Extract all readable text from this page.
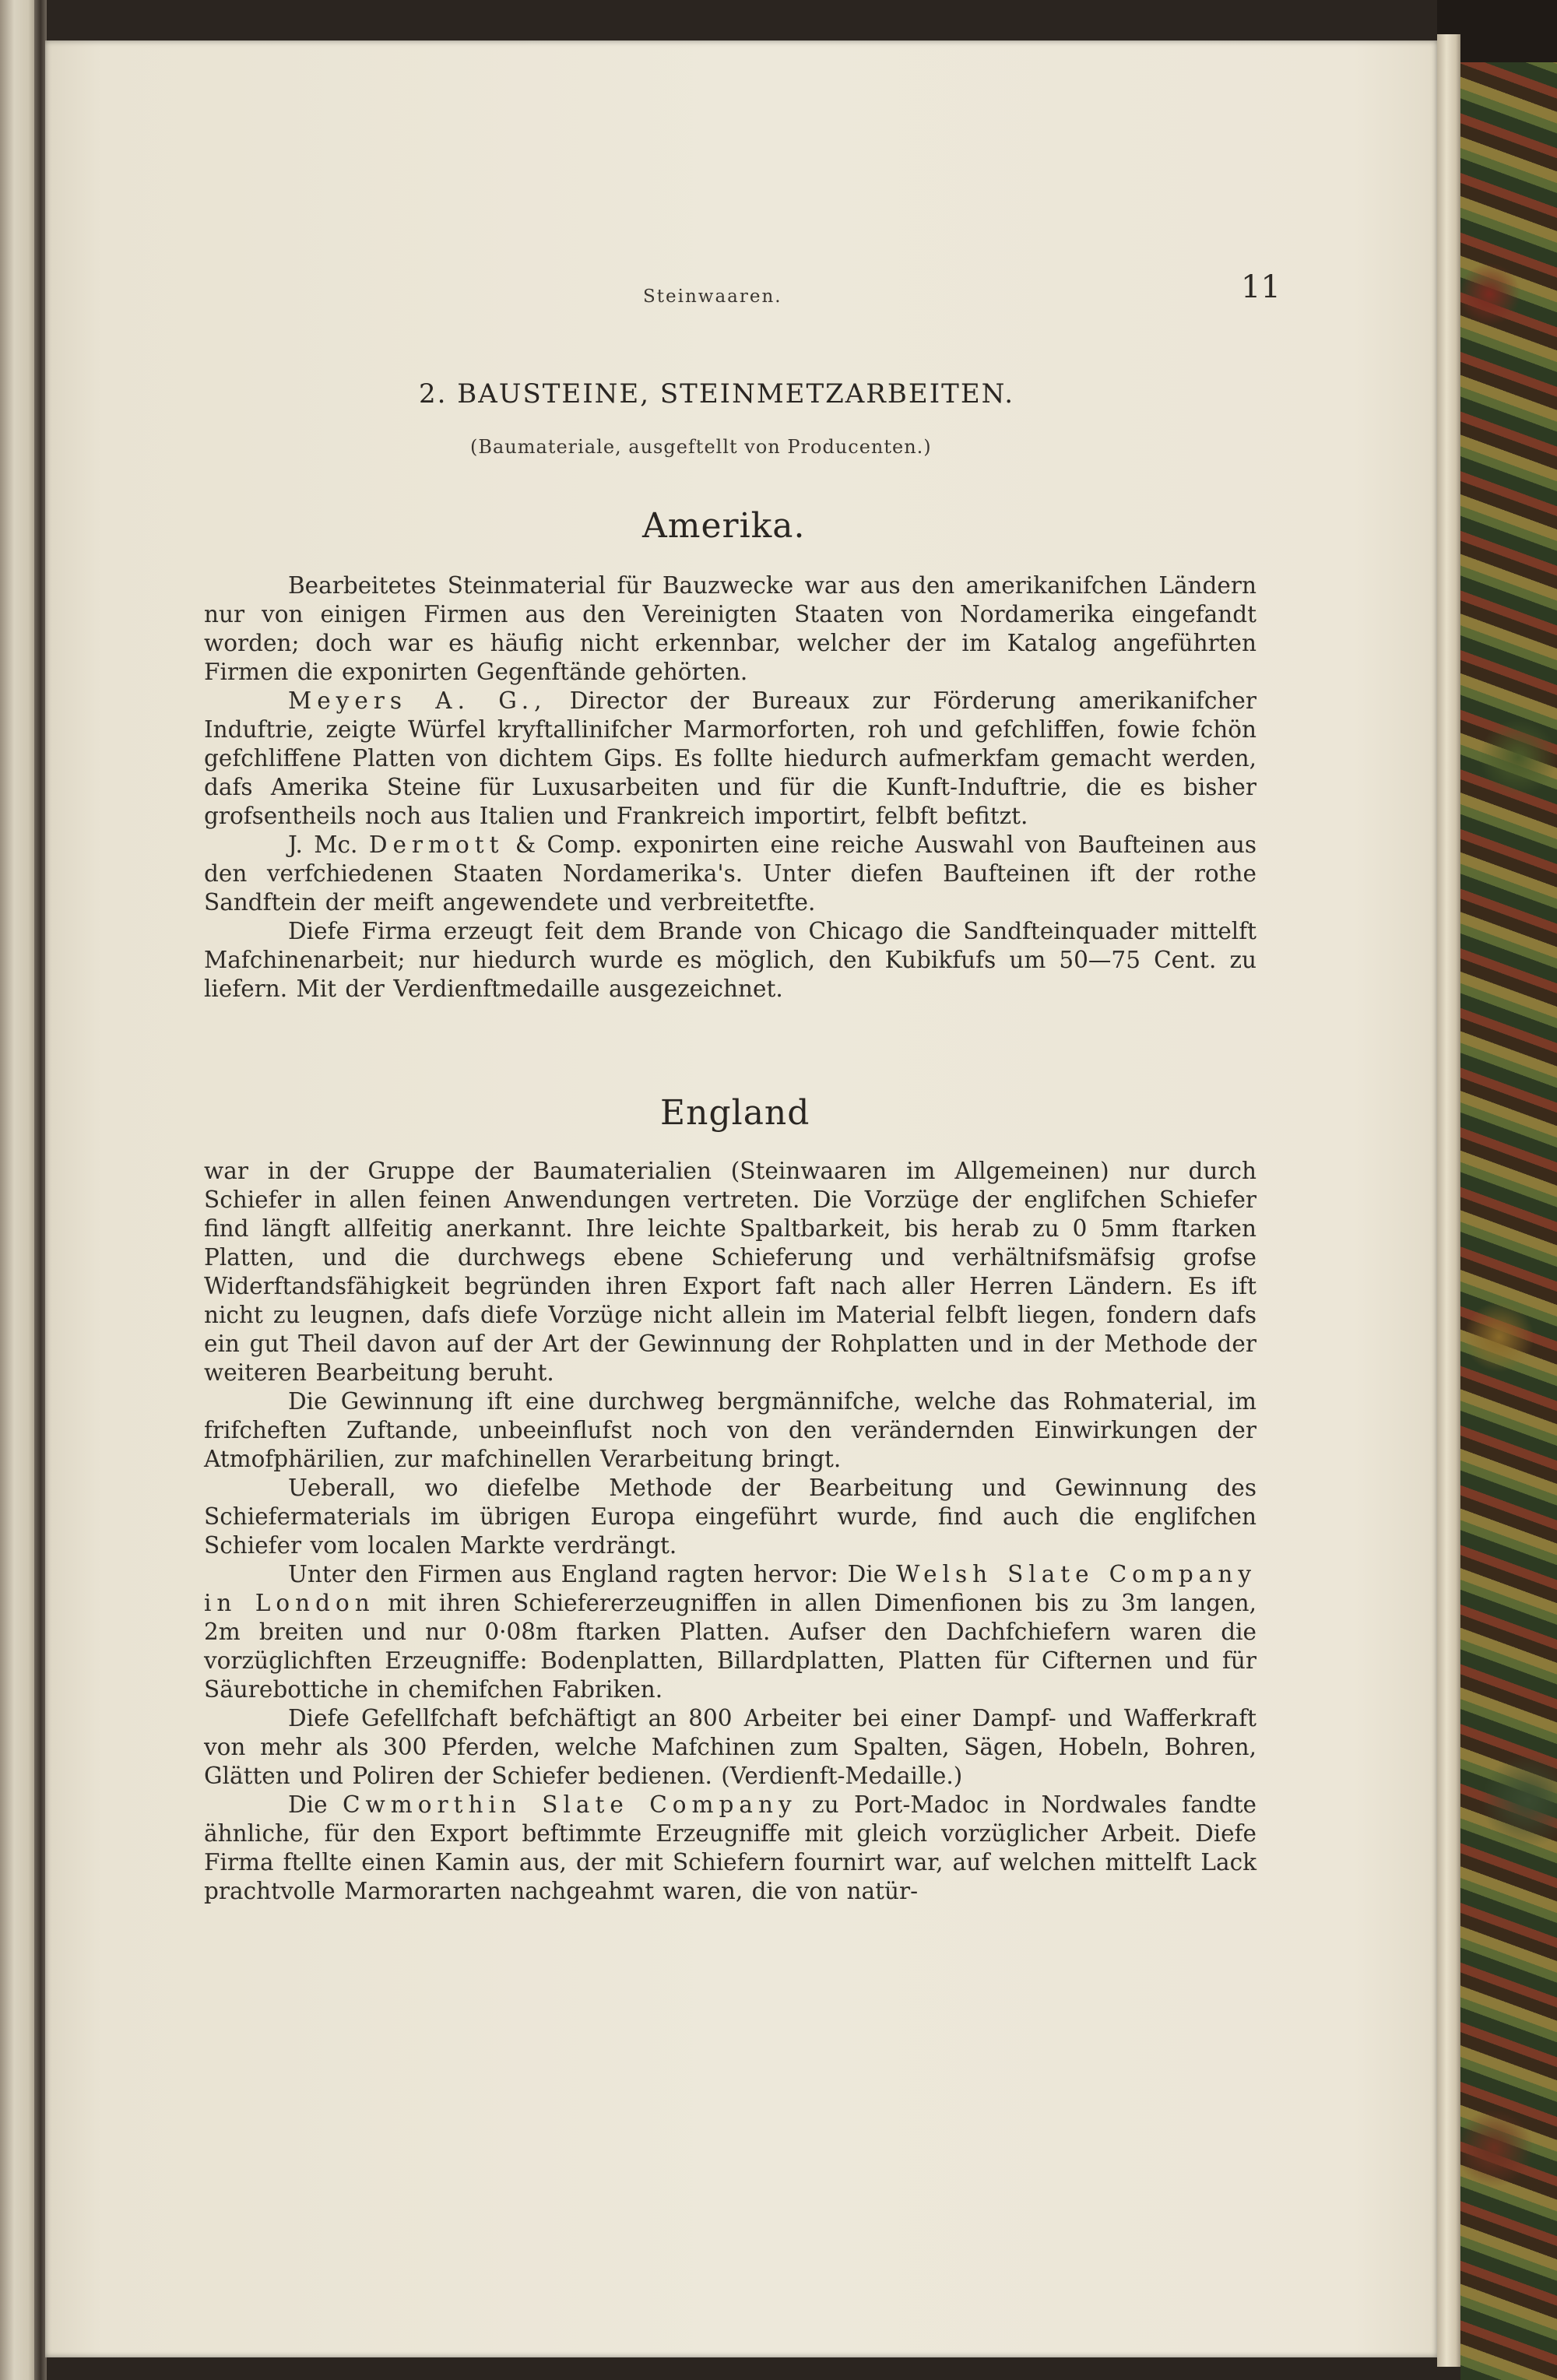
Steinwaaren.	11
2. BAUSTEINE, STEINMETZARBEITEN.
(Baumateriale, ausgeftellt von Producenten.)
Amerika.

Bearbeitetes Steinmaterial für Bauzwecke war aus den amerikanifchen Ländern nur von einigen Firmen aus den Vereinigten Staaten von Nordamerika eingefandt worden; doch war es häufig nicht erkennbar, welcher der im Katalog angeführten Firmen die exponirten Gegenftände gehörten.

Meyers A. G., Director der Bureaux zur Förderung amerikanifcher Induftrie, zeigte Würfel kryftallinifcher Marmorforten, roh und gefchliffen, fowie fchön gefchliffene Platten von dichtem Gips. Es follte hiedurch aufmerkfam gemacht werden, dafs Amerika Steine für Luxusarbeiten und für die Kunft-Induftrie, die es bisher grofsentheils noch aus Italien und Frankreich importirt, felbft befitzt.

J. Mc. Dermott & Comp. exponirten eine reiche Auswahl von Baufteinen aus den verfchiedenen Staaten Nordamerika's. Unter diefen Baufteinen ift der rothe Sandftein der meift angewendete und verbreitetfte.

Diefe Firma erzeugt feit dem Brande von Chicago die Sandfteinquader mittelft Mafchinenarbeit; nur hiedurch wurde es möglich, den Kubikfufs um 50—75 Cent. zu liefern. Mit der Verdienftmedaille ausgezeichnet.

England

war in der Gruppe der Baumaterialien (Steinwaaren im Allgemeinen) nur durch Schiefer in allen feinen Anwendungen vertreten. Die Vorzüge der englifchen Schiefer find längft allfeitig anerkannt. Ihre leichte Spaltbarkeit, bis herab zu 0 5mm ftarken Platten, und die durchwegs ebene Schieferung und verhältnifsmäfsig grofse Widerftandsfähigkeit begründen ihren Export faft nach aller Herren Ländern. Es ift nicht zu leugnen, dafs diefe Vorzüge nicht allein im Material felbft liegen, fondern dafs ein gut Theil davon auf der Art der Gewinnung der Rohplatten und in der Methode der weiteren Bearbeitung beruht.

Die Gewinnung ift eine durchweg bergmännifche, welche das Rohmaterial, im frifcheften Zuftande, unbeeinflufst noch von den verändernden Einwirkungen der Atmofphärilien, zur mafchinellen Verarbeitung bringt.

Ueberall, wo diefelbe Methode der Bearbeitung und Gewinnung des Schiefermaterials im übrigen Europa eingeführt wurde, find auch die englifchen Schiefer vom localen Markte verdrängt.

Unter den Firmen aus England ragten hervor: Die Welsh Slate Company in London mit ihren Schiefererzeugniffen in allen Dimenfionen bis zu 3m langen, 2m breiten und nur 0·08m ftarken Platten. Aufser den Dachfchiefern waren die vorzüglichften Erzeugniffe: Bodenplatten, Billardplatten, Platten für Cifternen und für Säurebottiche in chemifchen Fabriken.

Diefe Gefellfchaft befchäftigt an 800 Arbeiter bei einer Dampf- und Wafferkraft von mehr als 300 Pferden, welche Mafchinen zum Spalten, Sägen, Hobeln, Bohren, Glätten und Poliren der Schiefer bedienen. (Verdienft-Medaille.)

Die Cwmorthin Slate Company zu Port-Madoc in Nordwales fandte ähnliche, für den Export beftimmte Erzeugniffe mit gleich vorzüglicher Arbeit. Diefe Firma ftellte einen Kamin aus, der mit Schiefern fournirt war, auf welchen mittelft Lack prachtvolle Marmorarten nachgeahmt waren, die von natür-
